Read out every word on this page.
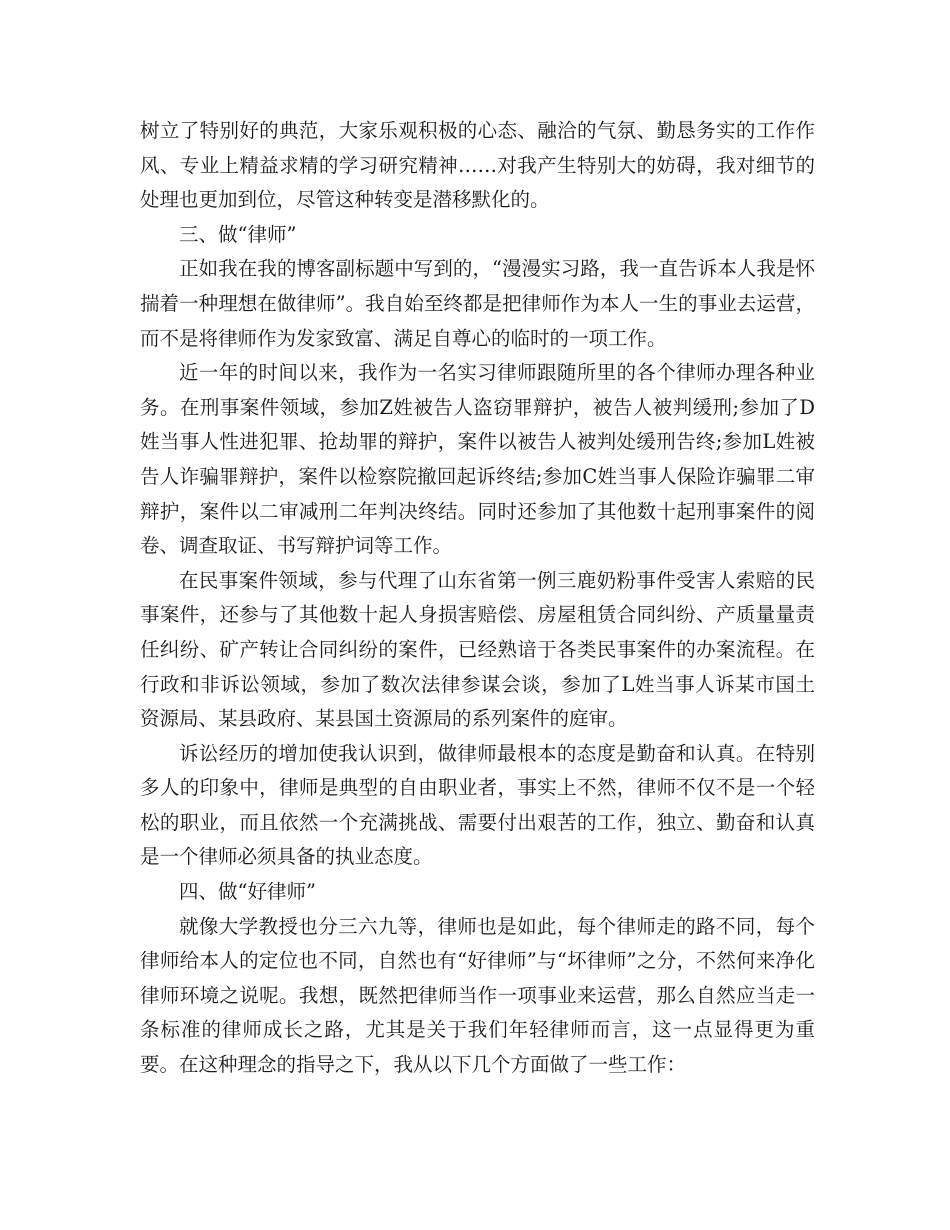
树立了特别好的典范，大家乐观积极的心态、融洽的气氛、勤恳务实的工作作风、专业上精益求精的学习研究精神……对我产生特别大的妨碍，我对细节的处理也更加到位，尽管这种转变是潜移默化的。

三、做“律师”

正如我在我的博客副标题中写到的，“漫漫实习路，我一直告诉本人我是怀揣着一种理想在做律师”。我自始至终都是把律师作为本人一生的事业去运营，而不是将律师作为发家致富、满足自尊心的临时的一项工作。

近一年的时间以来，我作为一名实习律师跟随所里的各个律师办理各种业务。在刑事案件领域，参加Z姓被告人盗窃罪辩护，被告人被判缓刑;参加了D姓当事人性进犯罪、抢劫罪的辩护，案件以被告人被判处缓刑告终;参加L姓被告人诈骗罪辩护，案件以检察院撤回起诉终结;参加C姓当事人保险诈骗罪二审辩护，案件以二审减刑二年判决终结。同时还参加了其他数十起刑事案件的阅卷、调查取证、书写辩护词等工作。

在民事案件领域，参与代理了山东省第一例三鹿奶粉事件受害人索赔的民事案件，还参与了其他数十起人身损害赔偿、房屋租赁合同纠纷、产质量量责任纠纷、矿产转让合同纠纷的案件，已经熟谙于各类民事案件的办案流程。在行政和非诉讼领域，参加了数次法律参谋会谈，参加了L姓当事人诉某市国土资源局、某县政府、某县国土资源局的系列案件的庭审。

诉讼经历的增加使我认识到，做律师最根本的态度是勤奋和认真。在特别多人的印象中，律师是典型的自由职业者，事实上不然，律师不仅不是一个轻松的职业，而且依然一个充满挑战、需要付出艰苦的工作，独立、勤奋和认真是一个律师必须具备的执业态度。

四、做“好律师”

就像大学教授也分三六九等，律师也是如此，每个律师走的路不同，每个律师给本人的定位也不同，自然也有“好律师”与“坏律师”之分，不然何来净化律师环境之说呢。我想，既然把律师当作一项事业来运营，那么自然应当走一条标准的律师成长之路，尤其是关于我们年轻律师而言，这一点显得更为重要。在这种理念的指导之下，我从以下几个方面做了一些工作：
